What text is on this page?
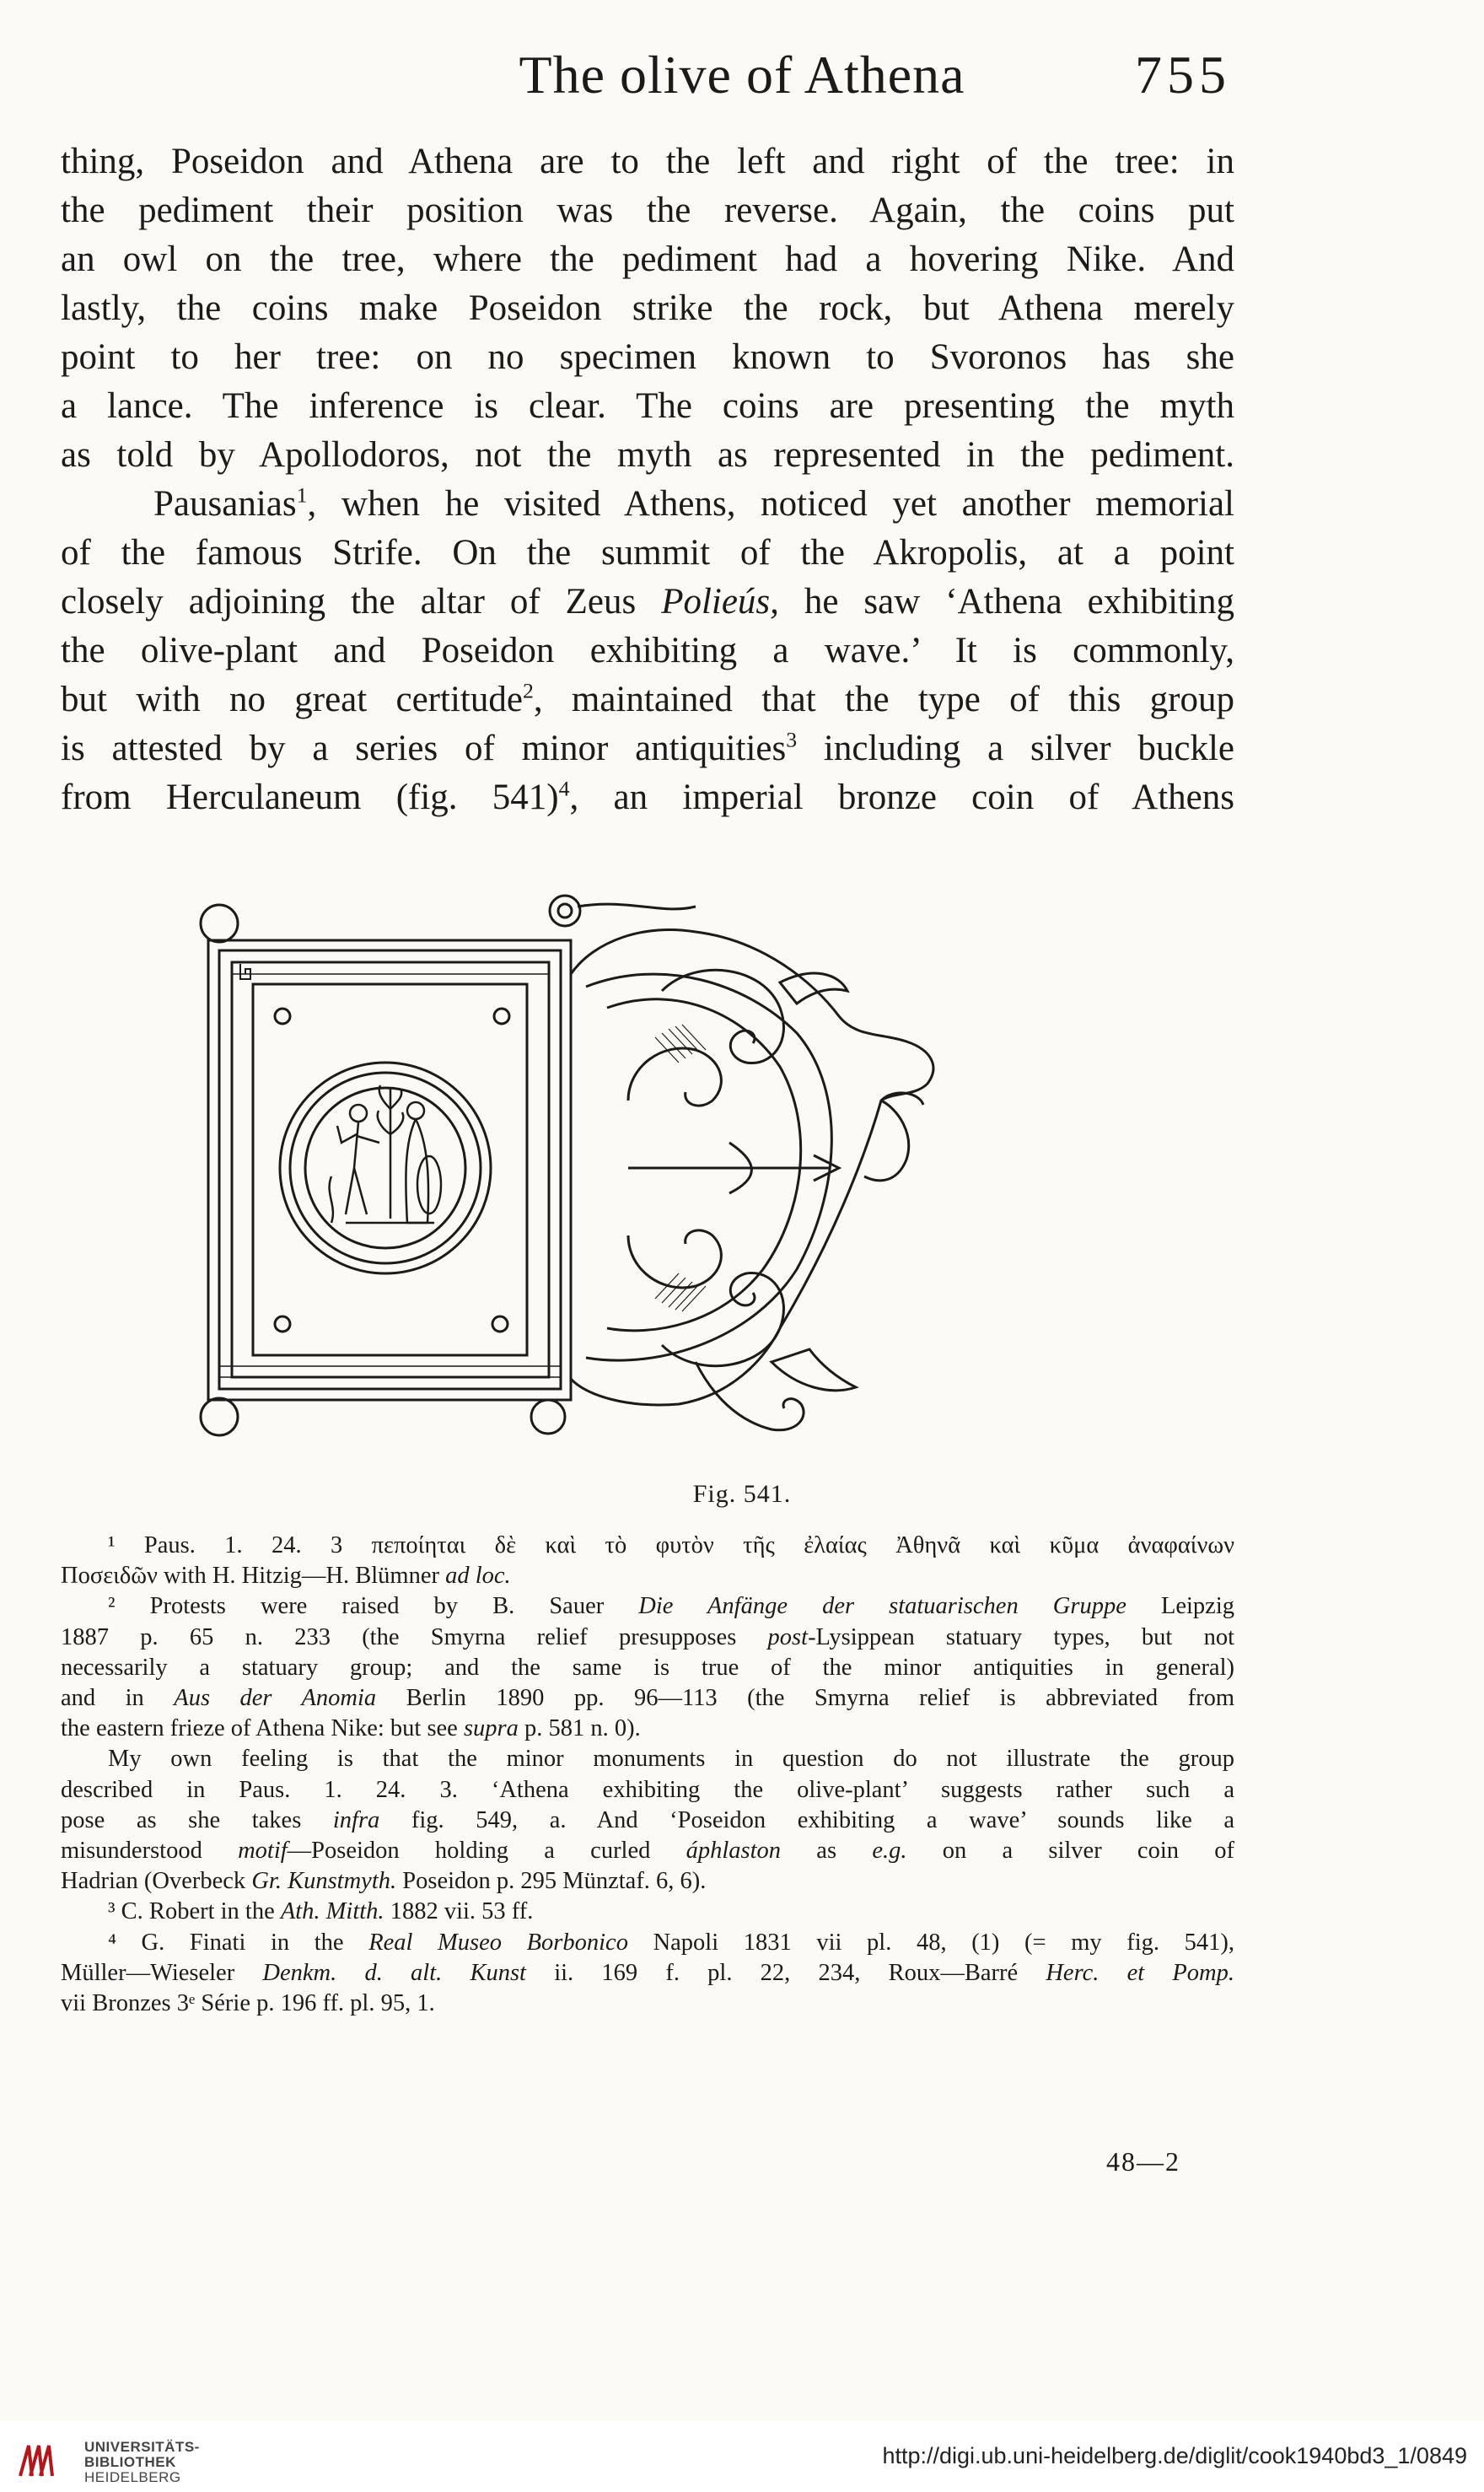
The olive of Athena	755
thing, Poseidon and Athena are to the left and right of the tree: in
the pediment their position was the reverse. Again, the coins put
an owl on the tree, where the pediment had a hovering Nike. And
lastly, the coins make Poseidon strike the rock, but Athena merely
point to her tree: on no specimen known to Svoronos has she
a lance. The inference is clear. The coins are presenting the myth
as told by Apollodoros, not the myth as represented in the pediment.
Pausanias$^1$, when he visited Athens, noticed yet another memorial
of the famous Strife. On the summit of the Akropolis, at a point
closely adjoining the altar of Zeus Polieús, he saw ‘Athena exhibiting
the olive-plant and Poseidon exhibiting a wave.’ It is commonly,
but with no great certitude$^2$, maintained that the type of this group
is attested by a series of minor antiquities$^3$ including a silver buckle
from Herculaneum (fig. 541)$^4$, an imperial bronze coin of Athens
Fig. 541.
¹ Paus. 1. 24. 3 πεποίηται δὲ καὶ τὸ φυτὸν τῆς ἐλαίας Ἀθηνᾶ καὶ κῦμα ἀναφαίνων
Ποσειδῶν with H. Hitzig—H. Blümner ad loc.
² Protests were raised by B. Sauer Die Anfänge der statuarischen Gruppe Leipzig
1887 p. 65 n. 233 (the Smyrna relief presupposes post-Lysippean statuary types, but not
necessarily a statuary group; and the same is true of the minor antiquities in general)
and in Aus der Anomia Berlin 1890 pp. 96—113 (the Smyrna relief is abbreviated from
the eastern frieze of Athena Nike: but see supra p. 581 n. 0).
My own feeling is that the minor monuments in question do not illustrate the group
described in Paus. 1. 24. 3. ‘Athena exhibiting the olive-plant’ suggests rather such a
pose as she takes infra fig. 549, a. And ‘Poseidon exhibiting a wave’ sounds like a
misunderstood motif—Poseidon holding a curled áphlaston as e.g. on a silver coin of
Hadrian (Overbeck Gr. Kunstmyth. Poseidon p. 295 Münztaf. 6, 6).
³ C. Robert in the Ath. Mitth. 1882 vii. 53 ff.
⁴ G. Finati in the Real Museo Borbonico Napoli 1831 vii pl. 48, (1) (= my fig. 541),
Müller—Wieseler Denkm. d. alt. Kunst ii. 169 f. pl. 22, 234, Roux—Barré Herc. et Pomp.
vii Bronzes 3ᵉ Série p. 196 ff. pl. 95, 1.
48—2
UNIVERSITÄTS-
BIBLIOTHEK
HEIDELBERG
http://digi.ub.uni-heidelberg.de/diglit/cook1940bd3_1/0849
